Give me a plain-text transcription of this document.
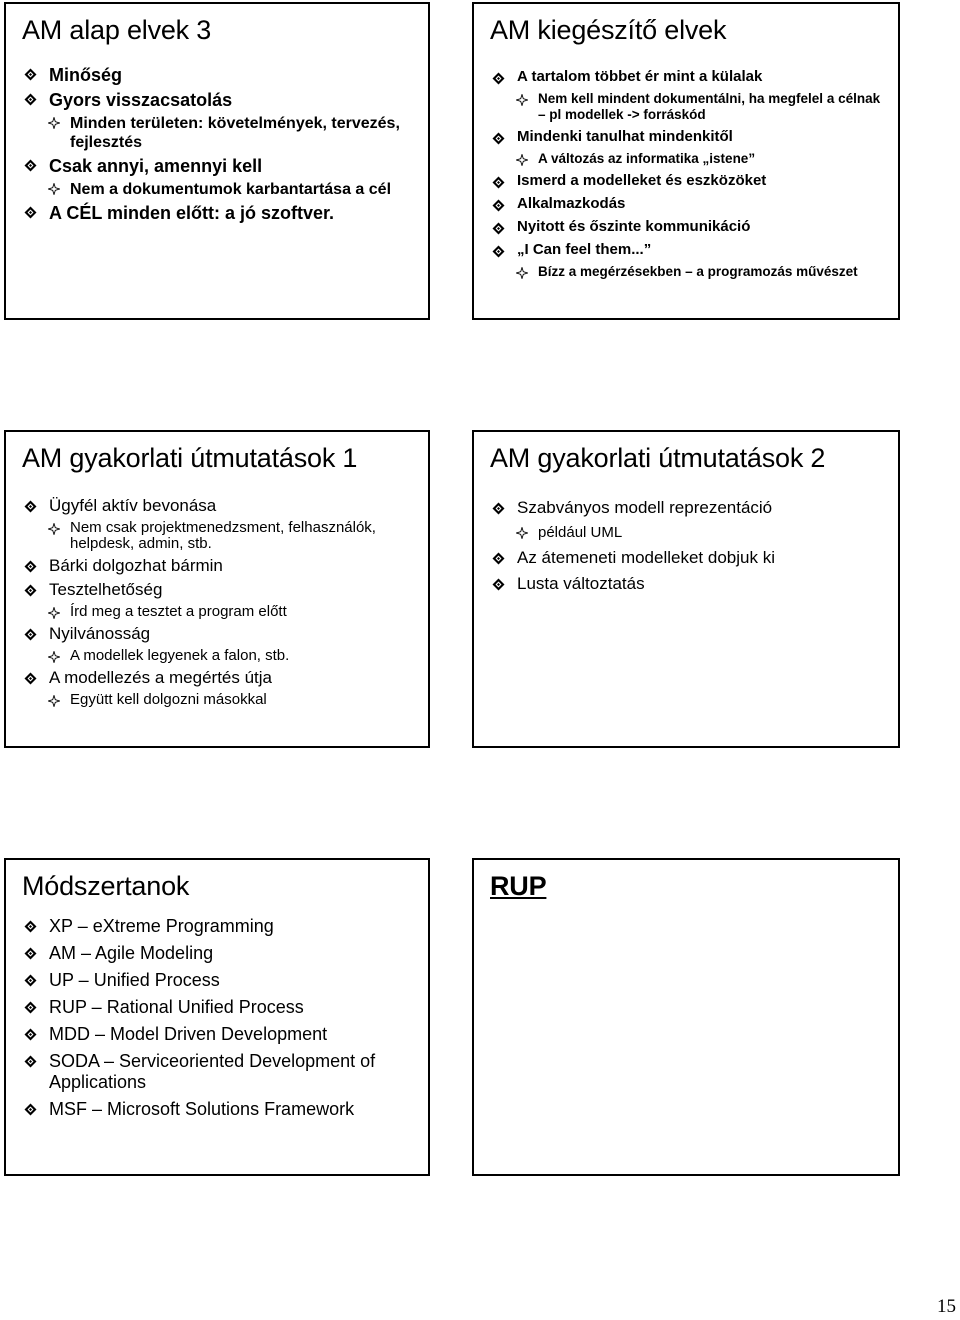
AM alap elvek 3
Minőség
Gyors visszacsatolás
Minden területen: követelmények, tervezés, fejlesztés
Csak annyi, amennyi kell
Nem a dokumentumok karbantartása a cél
A CÉL minden előtt: a jó szoftver.
AM kiegészítő elvek
A tartalom többet ér mint a külalak
Nem kell mindent dokumentálni, ha megfelel a célnak – pl modellek -> forráskód
Mindenki tanulhat mindenkitől
A változás az informatika „istene”
Ismerd a modelleket és eszközöket
Alkalmazkodás
Nyitott és őszinte kommunikáció
„I Can feel them...”
Bízz a megérzésekben – a programozás művészet
AM gyakorlati útmutatások 1
Ügyfél aktív bevonása
Nem csak projektmenedzsment, felhasználók, helpdesk, admin, stb.
Bárki dolgozhat bármin
Tesztelhetőség
Írd meg a tesztet a program előtt
Nyilvánosság
A modellek legyenek a falon, stb.
A modellezés a megértés útja
Együtt kell dolgozni másokkal
AM gyakorlati útmutatások 2
Szabványos modell reprezentáció
például UML
Az átemeneti modelleket dobjuk ki
Lusta változtatás
Módszertanok
XP – eXtreme Programming
AM – Agile Modeling
UP – Unified Process
RUP – Rational Unified Process
MDD – Model Driven Development
SODA – Serviceoriented Development of Applications
MSF – Microsoft Solutions Framework
RUP
15
